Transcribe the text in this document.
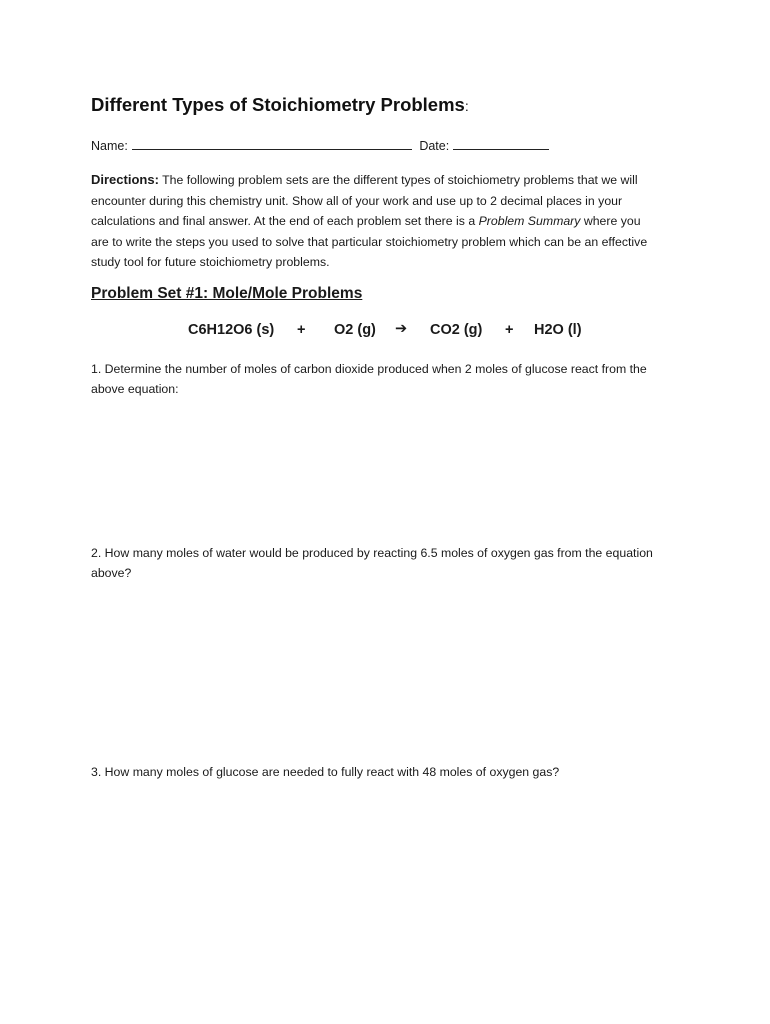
Different Types of Stoichiometry Problems:
Name:	Date:
Directions: The following problem sets are the different types of stoichiometry problems that we will
encounter during this chemistry unit. Show all of your work and use up to 2 decimal places in your
calculations and final answer. At the end of each problem set there is a Problem Summary where you
are to write the steps you used to solve that particular stoichiometry problem which can be an effective
study tool for future stoichiometry problems.
Problem Set #1: Mole/Mole Problems
C6H12O6 (s) + O2 (g) ➔ CO2 (g) + H2O (l)
1. Determine the number of moles of carbon dioxide produced when 2 moles of glucose react from the
above equation:
2. How many moles of water would be produced by reacting 6.5 moles of oxygen gas from the equation
above?
3. How many moles of glucose are needed to fully react with 48 moles of oxygen gas?
